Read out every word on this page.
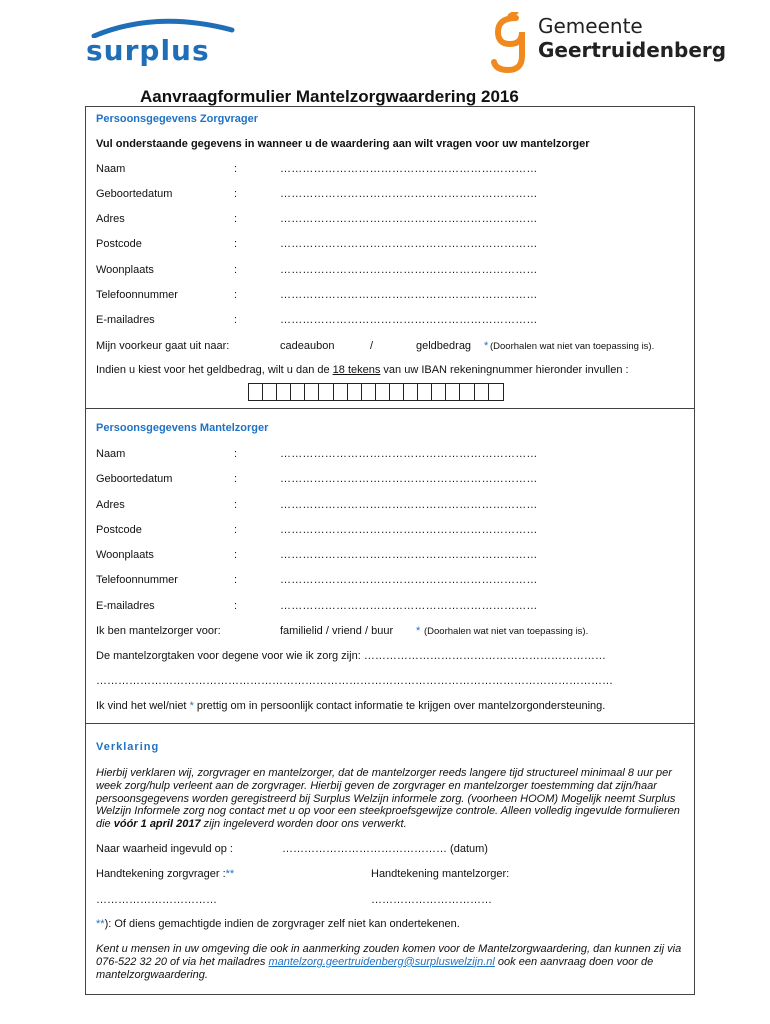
surplus
Gemeente
Geertruidenberg
Aanvraagformulier Mantelzorgwaardering 2016
Persoonsgegevens Zorgvrager
Vul onderstaande gegevens in wanneer u de waardering aan wilt vragen voor uw mantelzorger
Naam	:	……………………………………………………………
Geboortedatum	:	……………………………………………………………
Adres	:	……………………………………………………………
Postcode	:	……………………………………………………………
Woonplaats	:	……………………………………………………………
Telefoonnummer	:	……………………………………………………………
E-mailadres	:	……………………………………………………………
Mijn voorkeur gaat uit naar:	cadeaubon	/	geldbedrag * (Doorhalen wat niet van toepassing is).
Indien u kiest voor het geldbedrag, wilt u dan de 18 tekens van uw IBAN rekeningnummer hieronder invullen :
Persoonsgegevens Mantelzorger
Naam	:	……………………………………………………………
Geboortedatum	:	……………………………………………………………
Adres	:	……………………………………………………………
Postcode	:	……………………………………………………………
Woonplaats	:	……………………………………………………………
Telefoonnummer	:	……………………………………………………………
E-mailadres	:	……………………………………………………………
Ik ben mantelzorger voor:	familielid / vriend / buur * (Doorhalen wat niet van toepassing is).
De mantelzorgtaken voor degene voor wie ik zorg zijn: …………………………………………………………
……………………………………………………………………………………………………………………………
Ik vind het wel/niet * prettig om in persoonlijk contact informatie te krijgen over mantelzorgondersteuning.
Verklaring
Hierbij verklaren wij, zorgvrager en mantelzorger, dat de mantelzorger reeds langere tijd structureel minimaal 8 uur per week zorg/hulp verleent aan de zorgvrager. Hierbij geven de zorgvrager en mantelzorger toestemming dat zijn/haar persoonsgegevens worden geregistreerd bij Surplus Welzijn informele zorg. (voorheen HOOM) Mogelijk neemt Surplus Welzijn Informele zorg nog contact met u op voor een steekproefsgewijze controle. Alleen volledig ingevulde formulieren die vóór 1 april 2017 zijn ingeleverd worden door ons verwerkt.
Naar waarheid ingevuld op :	……………………………………… (datum)
Handtekening zorgvrager :**	Handtekening mantelzorger:
……………………………	……………………………
**): Of diens gemachtigde indien de zorgvrager zelf niet kan ondertekenen.
Kent u mensen in uw omgeving die ook in aanmerking zouden komen voor de Mantelzorgwaardering, dan kunnen zij via 076-522 32 20 of via het mailadres mantelzorg.geertruidenberg@surpluswelzijn.nl ook een aanvraag doen voor de mantelzorgwaardering.
